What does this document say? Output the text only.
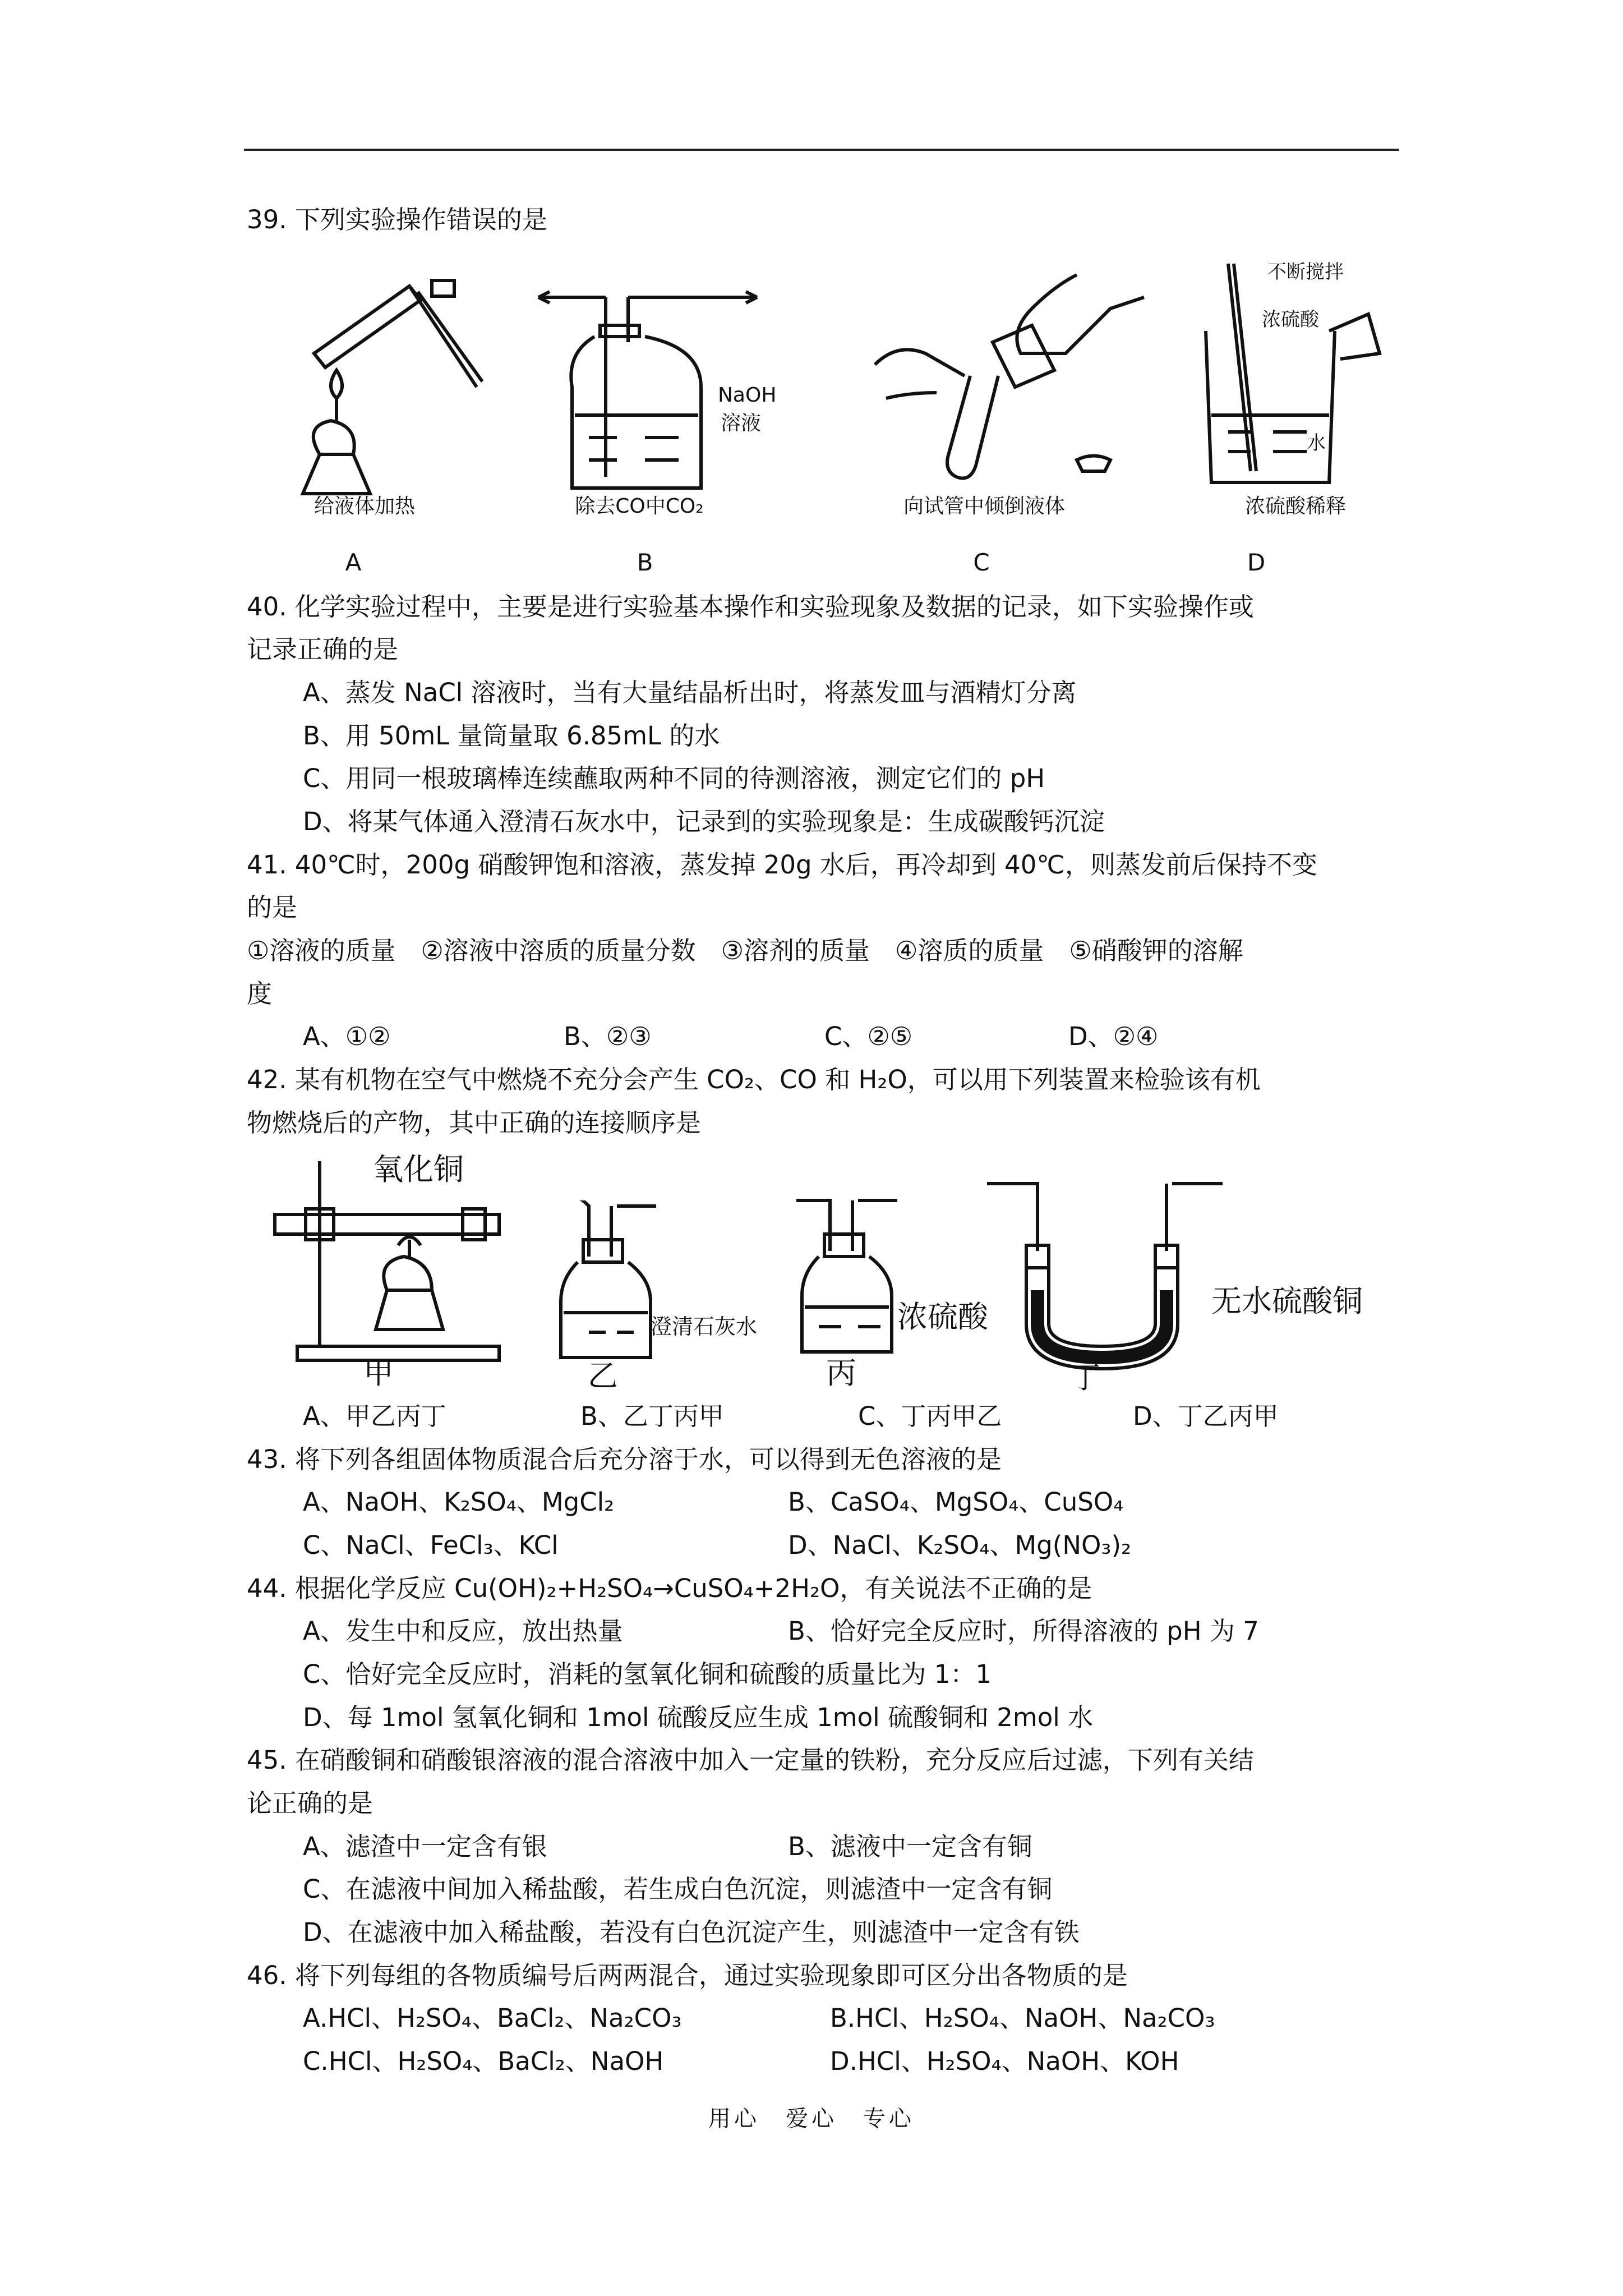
39. 下列实验操作错误的是
给液体加热
A
NaOH
溶液
除去CO中CO₂
B
向试管中倾倒液体
C
不断搅拌
浓硫酸
水
浓硫酸稀释
D
40. 化学实验过程中，主要是进行实验基本操作和实验现象及数据的记录，如下实验操作或
记录正确的是
A、蒸发 NaCl 溶液时，当有大量结晶析出时，将蒸发皿与酒精灯分离
B、用 50mL 量筒量取 6.85mL 的水
C、用同一根玻璃棒连续蘸取两种不同的待测溶液，测定它们的 pH
D、将某气体通入澄清石灰水中，记录到的实验现象是：生成碳酸钙沉淀
41. 40℃时，200g 硝酸钾饱和溶液，蒸发掉 20g 水后，再冷却到 40℃，则蒸发前后保持不变
的是
①溶液的质量　②溶液中溶质的质量分数　③溶剂的质量　④溶质的质量　⑤硝酸钾的溶解
度
A、①②	B、②③	C、②⑤	D、②④
42. 某有机物在空气中燃烧不充分会产生 CO₂、CO 和 H₂O，可以用下列装置来检验该有机
物燃烧后的产物，其中正确的连接顺序是
氧化铜
甲
澄清石灰水
乙
浓硫酸
丙
无水硫酸铜
丁
A、甲乙丙丁	B、乙丁丙甲	C、丁丙甲乙	D、丁乙丙甲
43. 将下列各组固体物质混合后充分溶于水，可以得到无色溶液的是
A、NaOH、K₂SO₄、MgCl₂	B、CaSO₄、MgSO₄、CuSO₄
C、NaCl、FeCl₃、KCl	D、NaCl、K₂SO₄、Mg(NO₃)₂
44. 根据化学反应 Cu(OH)₂+H₂SO₄→CuSO₄+2H₂O，有关说法不正确的是
A、发生中和反应，放出热量	B、恰好完全反应时，所得溶液的 pH 为 7
C、恰好完全反应时，消耗的氢氧化铜和硫酸的质量比为 1：1
D、每 1mol 氢氧化铜和 1mol 硫酸反应生成 1mol 硫酸铜和 2mol 水
45. 在硝酸铜和硝酸银溶液的混合溶液中加入一定量的铁粉，充分反应后过滤，下列有关结
论正确的是
A、滤渣中一定含有银	B、滤液中一定含有铜
C、在滤液中间加入稀盐酸，若生成白色沉淀，则滤渣中一定含有铜
D、在滤液中加入稀盐酸，若没有白色沉淀产生，则滤渣中一定含有铁
46. 将下列每组的各物质编号后两两混合，通过实验现象即可区分出各物质的是
A.HCl、H₂SO₄、BaCl₂、Na₂CO₃	B.HCl、H₂SO₄、NaOH、Na₂CO₃
C.HCl、H₂SO₄、BaCl₂、NaOH	D.HCl、H₂SO₄、NaOH、KOH
用心　爱心　专心
